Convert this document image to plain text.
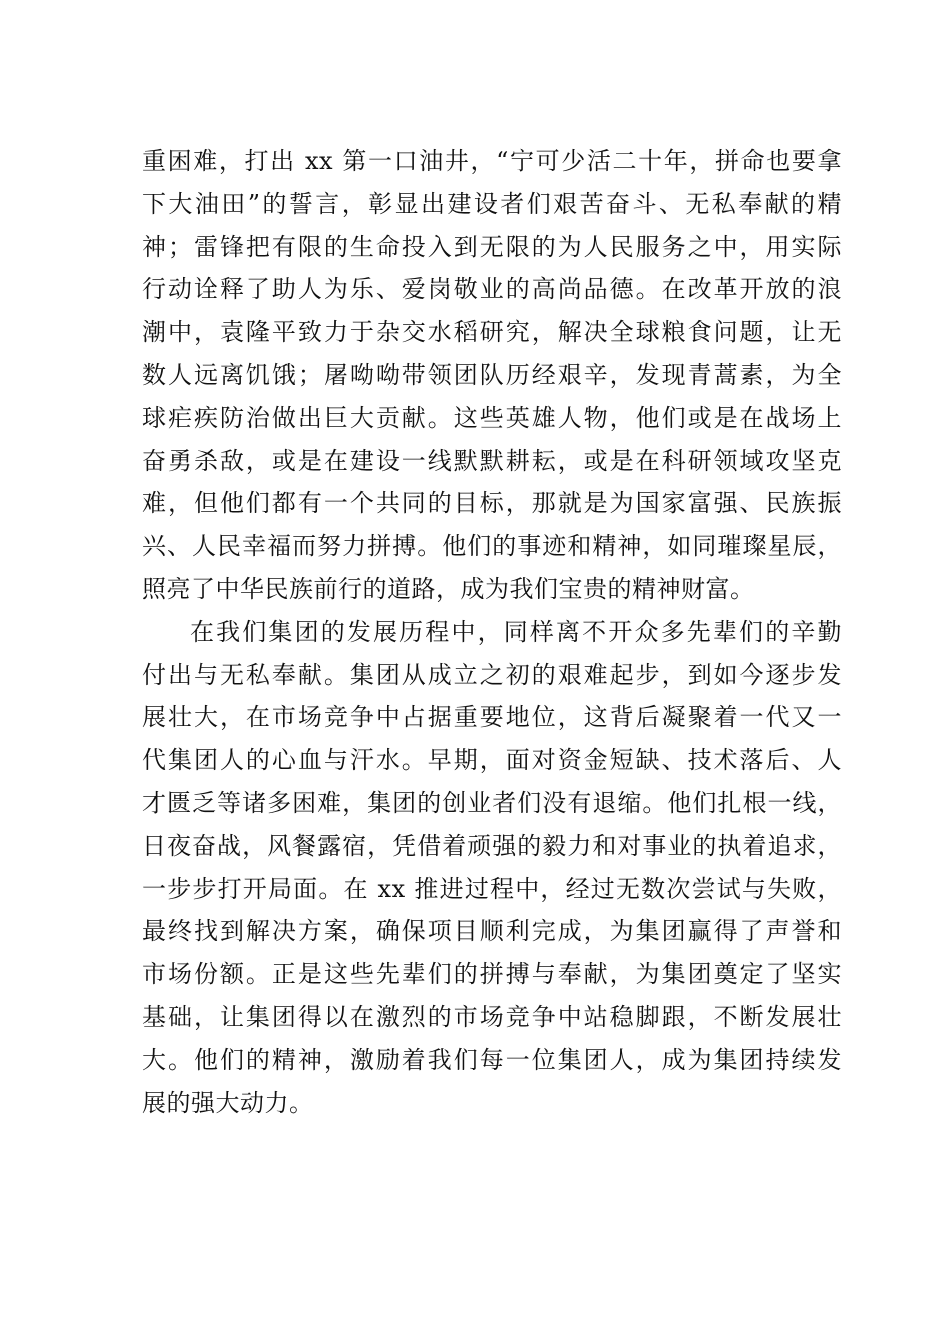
重困难，打出 xx 第一口油井，“宁可少活二十年，拼命也要拿
下大油田”的誓言，彰显出建设者们艰苦奋斗、无私奉献的精
神；雷锋把有限的生命投入到无限的为人民服务之中，用实际
行动诠释了助人为乐、爱岗敬业的高尚品德。在改革开放的浪
潮中，袁隆平致力于杂交水稻研究，解决全球粮食问题，让无
数人远离饥饿；屠呦呦带领团队历经艰辛，发现青蒿素，为全
球疟疾防治做出巨大贡献。这些英雄人物，他们或是在战场上
奋勇杀敌，或是在建设一线默默耕耘，或是在科研领域攻坚克
难，但他们都有一个共同的目标，那就是为国家富强、民族振
兴、人民幸福而努力拼搏。他们的事迹和精神，如同璀璨星辰，
照亮了中华民族前行的道路，成为我们宝贵的精神财富。

在我们集团的发展历程中，同样离不开众多先辈们的辛勤
付出与无私奉献。集团从成立之初的艰难起步，到如今逐步发
展壮大，在市场竞争中占据重要地位，这背后凝聚着一代又一
代集团人的心血与汗水。早期，面对资金短缺、技术落后、人
才匮乏等诸多困难，集团的创业者们没有退缩。他们扎根一线，
日夜奋战，风餐露宿，凭借着顽强的毅力和对事业的执着追求，
一步步打开局面。在 xx 推进过程中，经过无数次尝试与失败，
最终找到解决方案，确保项目顺利完成，为集团赢得了声誉和
市场份额。正是这些先辈们的拼搏与奉献，为集团奠定了坚实
基础，让集团得以在激烈的市场竞争中站稳脚跟，不断发展壮
大。他们的精神，激励着我们每一位集团人，成为集团持续发
展的强大动力。
